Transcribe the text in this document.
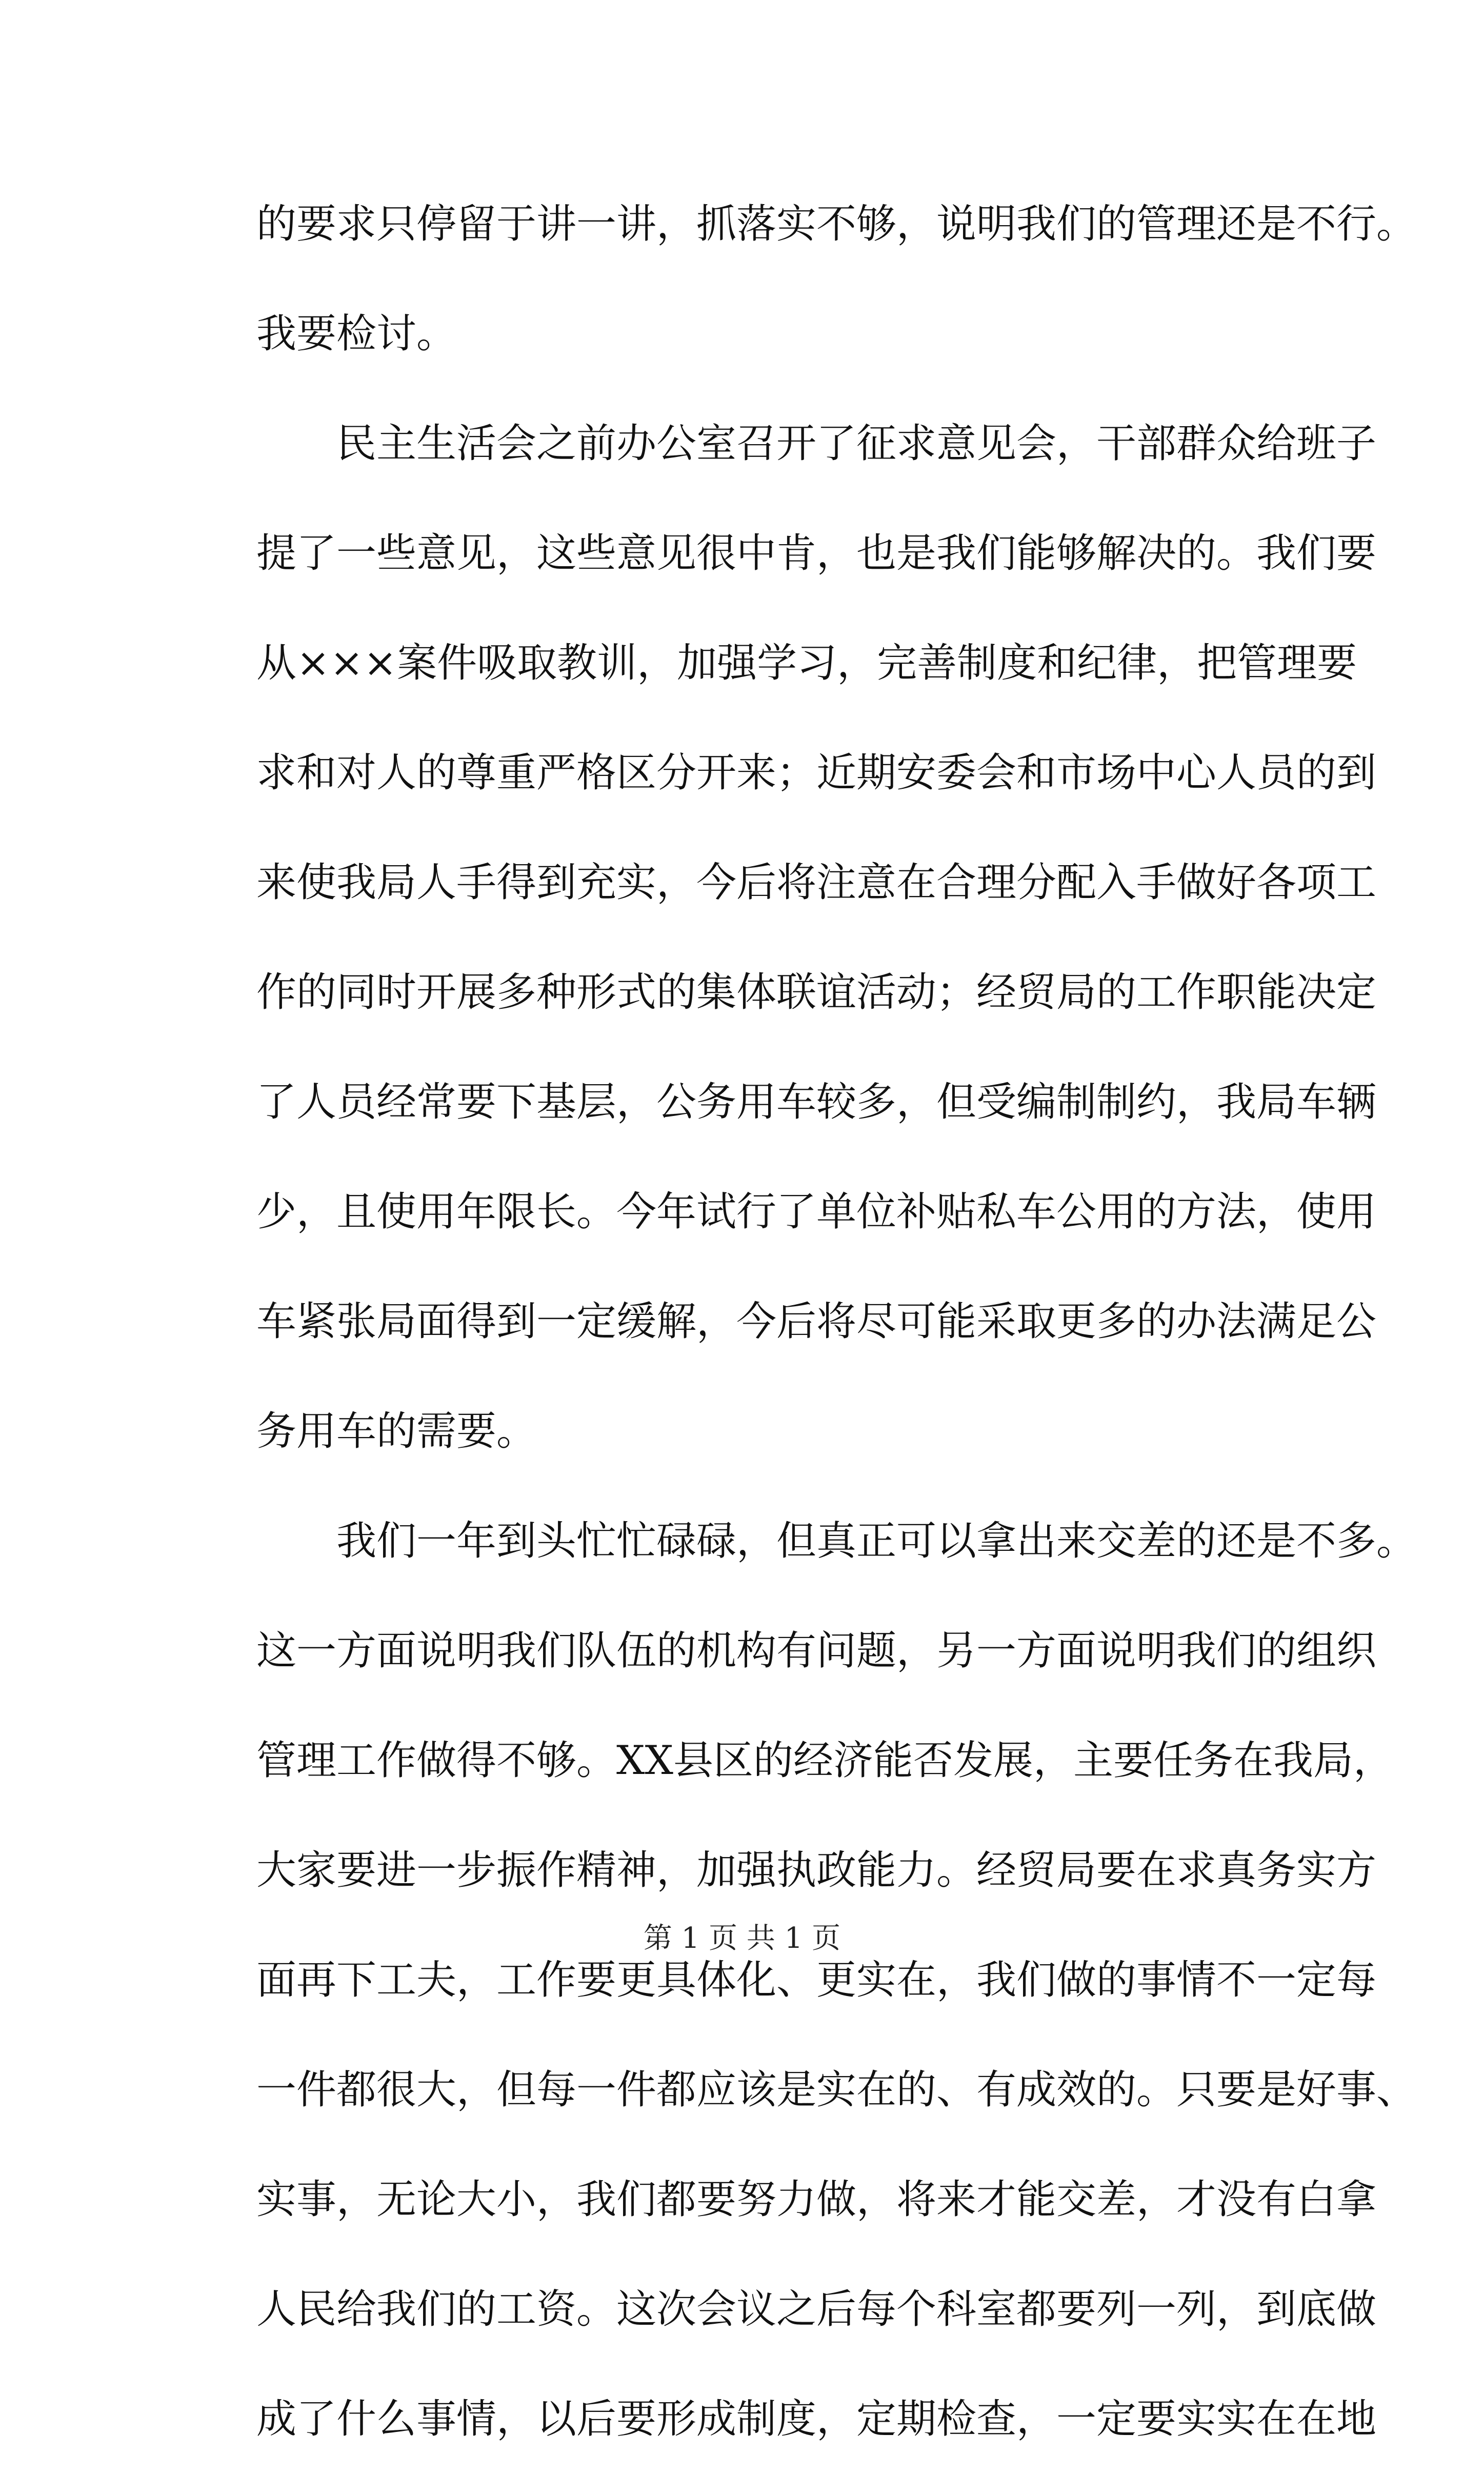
的要求只停留于讲一讲，抓落实不够，说明我们的管理还是不行。
我要检讨。
民主生活会之前办公室召开了征求意见会，干部群众给班子
提了一些意见，这些意见很中肯，也是我们能够解决的。我们要
从×××案件吸取教训，加强学习，完善制度和纪律，把管理要
求和对人的尊重严格区分开来；近期安委会和市场中心人员的到
来使我局人手得到充实，今后将注意在合理分配入手做好各项工
作的同时开展多种形式的集体联谊活动；经贸局的工作职能决定
了人员经常要下基层，公务用车较多，但受编制制约，我局车辆
少，且使用年限长。今年试行了单位补贴私车公用的方法，使用
车紧张局面得到一定缓解，今后将尽可能采取更多的办法满足公
务用车的需要。
我们一年到头忙忙碌碌，但真正可以拿出来交差的还是不多。
这一方面说明我们队伍的机构有问题，另一方面说明我们的组织
管理工作做得不够。XX县区的经济能否发展，主要任务在我局，
大家要进一步振作精神，加强执政能力。经贸局要在求真务实方
面再下工夫，工作要更具体化、更实在，我们做的事情不一定每
一件都很大，但每一件都应该是实在的、有成效的。只要是好事、
实事，无论大小，我们都要努力做，将来才能交差，才没有白拿
人民给我们的工资。这次会议之后每个科室都要列一列，到底做
成了什么事情，以后要形成制度，定期检查，一定要实实在在地
第 1 页 共 1 页
